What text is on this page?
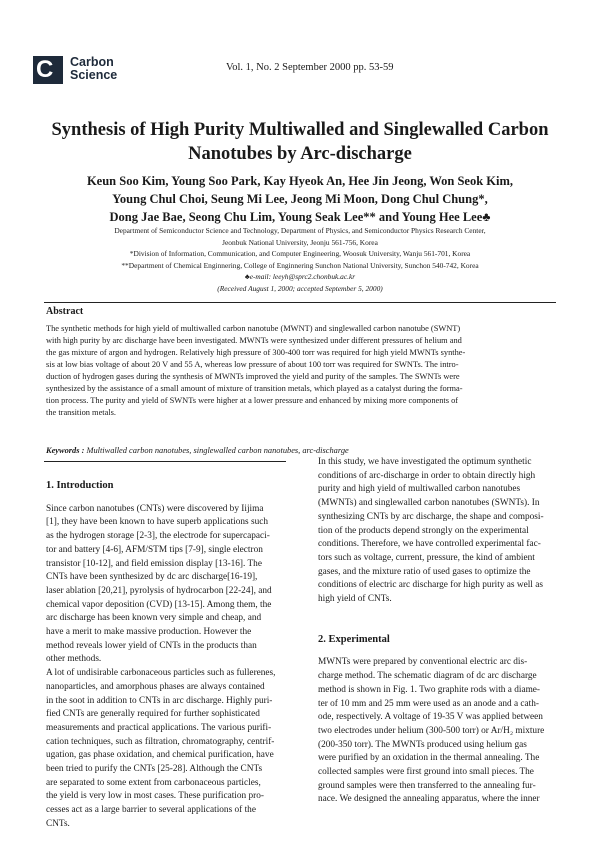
C Carbon
Science
Vol. 1, No. 2 September 2000 pp. 53-59
Synthesis of High Purity Multiwalled and Singlewalled Carbon
Nanotubes by Arc-discharge
Keun Soo Kim, Young Soo Park, Kay Hyeok An, Hee Jin Jeong, Won Seok Kim,
Young Chul Choi, Seung Mi Lee, Jeong Mi Moon, Dong Chul Chung*,
Dong Jae Bae, Seong Chu Lim, Young Seak Lee** and Young Hee Lee♣
Department of Semiconductor Science and Technology, Department of Physics, and Semiconductor Physics Research Center,
Jeonbuk National University, Jeonju 561-756, Korea
*Division of Information, Communication, and Computer Engineering, Woosuk University, Wanju 561-701, Korea
**Department of Chemical Enginnering, College of Enginnering Sunchon National University, Sunchon 540-742, Korea
♣e-mail: leeyh@sprc2.chonbuk.ac.kr
(Received August 1, 2000; accepted September 5, 2000)
Abstract
The synthetic methods for high yield of multiwalled carbon nanotube (MWNT) and singlewalled carbon nanotube (SWNT)
with high purity by arc discharge have been investigated. MWNTs were synthesized under different pressures of helium and
the gas mixture of argon and hydrogen. Relatively high pressure of 300-400 torr was required for high yield MWNTs synthe-
sis at low bias voltage of about 20 V and 55 A, whereas low pressure of about 100 torr was required for SWNTs. The intro-
duction of hydrogen gases during the synthesis of MWNTs improved the yield and purity of the samples. The SWNTs were
synthesized by the assistance of a small amount of mixture of transition metals, which played as a catalyst during the forma-
tion process. The purity and yield of SWNTs were higher at a lower pressure and enhanced by mixing more components of
the transition metals.
Keywords : Multiwalled carbon nanotubes, singlewalled carbon nanotubes, arc-discharge
1. Introduction
Since carbon nanotubes (CNTs) were discovered by Iijima
[1], they have been known to have superb applications such
as the hydrogen storage [2-3], the electrode for supercapaci-
tor and battery [4-6], AFM/STM tips [7-9], single electron
transistor [10-12], and field emission display [13-16]. The
CNTs have been synthesized by dc arc discharge[16-19],
laser ablation [20,21], pyrolysis of hydrocarbon [22-24], and
chemical vapor deposition (CVD) [13-15]. Among them, the
arc discharge has been known very simple and cheap, and
have a merit to make massive production. However the
method reveals lower yield of CNTs in the products than
other methods.
A lot of undisirable carbonaceous particles such as fullerenes,
nanoparticles, and amorphous phases are always contained
in the soot in addition to CNTs in arc discharge. Highly puri-
fied CNTs are generally required for further sophisticated
measurements and practical applications. The various purifi-
cation techniques, such as filtration, chromatography, centrif-
ugation, gas phase oxidation, and chemical purification, have
been tried to purify the CNTs [25-28]. Although the CNTs
are separated to some extent from carbonaceous particles,
the yield is very low in most cases. These purification pro-
cesses act as a large barrier to several applications of the
CNTs.
In this study, we have investigated the optimum synthetic
conditions of arc-discharge in order to obtain directly high
purity and high yield of multiwalled carbon nanotubes
(MWNTs) and singlewalled carbon nanotubes (SWNTs). In
synthesizing CNTs by arc discharge, the shape and composi-
tion of the products depend strongly on the experimental
conditions. Therefore, we have controlled experimental fac-
tors such as voltage, current, pressure, the kind of ambient
gases, and the mixture ratio of used gases to optimize the
conditions of electric arc discharge for high purity as well as
high yield of CNTs.
2. Experimental
MWNTs were prepared by conventional electric arc dis-
charge method. The schematic diagram of dc arc discharge
method is shown in Fig. 1. Two graphite rods with a diame-
ter of 10 mm and 25 mm were used as an anode and a cath-
ode, respectively. A voltage of 19-35 V was applied between
two electrodes under helium (300-500 torr) or Ar/H₂ mixture
(200-350 torr). The MWNTs produced using helium gas
were purified by an oxidation in the thermal annealing. The
collected samples were first ground into small pieces. The
ground samples were then transferred to the annealing fur-
nace. We designed the annealing apparatus, where the inner
